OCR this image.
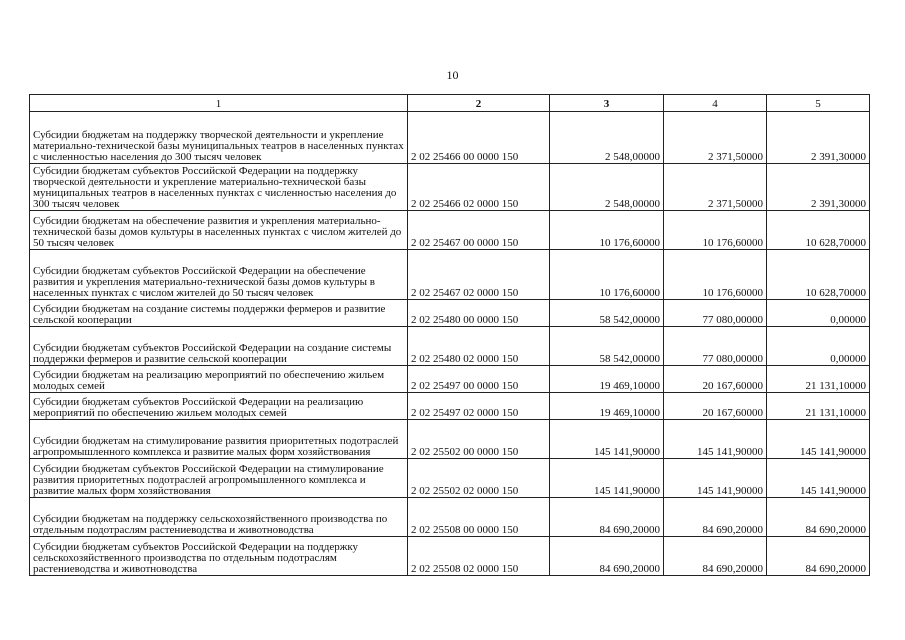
10
1	2	3	4	5
Субсидии бюджетам на поддержку творческой деятельности и укрепление материально-технической базы муниципальных театров в населенных пунктах с численностью населения до 300 тысяч человек	2 02 25466 00 0000 150	2 548,00000	2 371,50000	2 391,30000
Субсидии бюджетам субъектов Российской Федерации на поддержку творческой деятельности и укрепление материально-технической базы муниципальных театров в населенных пунктах с численностью населения до 300 тысяч человек	2 02 25466 02 0000 150	2 548,00000	2 371,50000	2 391,30000
Субсидии бюджетам на обеспечение развития и укрепления материально-технической базы домов культуры в населенных пунктах с числом жителей до 50 тысяч человек	2 02 25467 00 0000 150	10 176,60000	10 176,60000	10 628,70000
Субсидии бюджетам субъектов Российской Федерации на обеспечение развития и укрепления материально-технической базы домов культуры в населенных пунктах с числом жителей до 50 тысяч человек	2 02 25467 02 0000 150	10 176,60000	10 176,60000	10 628,70000
Субсидии бюджетам на создание системы поддержки фермеров и развитие сельской кооперации	2 02 25480 00 0000 150	58 542,00000	77 080,00000	0,00000
Субсидии бюджетам субъектов Российской Федерации на создание системы поддержки фермеров и развитие сельской кооперации	2 02 25480 02 0000 150	58 542,00000	77 080,00000	0,00000
Субсидии бюджетам на реализацию мероприятий по обеспечению жильем молодых семей	2 02 25497 00 0000 150	19 469,10000	20 167,60000	21 131,10000
Субсидии бюджетам субъектов Российской Федерации на реализацию мероприятий по обеспечению жильем молодых семей	2 02 25497 02 0000 150	19 469,10000	20 167,60000	21 131,10000
Субсидии бюджетам на стимулирование развития приоритетных подотраслей агропромышленного комплекса и развитие малых форм хозяйствования	2 02 25502 00 0000 150	145 141,90000	145 141,90000	145 141,90000
Субсидии бюджетам субъектов Российской Федерации на стимулирование развития приоритетных подотраслей агропромышленного комплекса и развитие малых форм хозяйствования	2 02 25502 02 0000 150	145 141,90000	145 141,90000	145 141,90000
Субсидии бюджетам на поддержку сельскохозяйственного производства по отдельным подотраслям растениеводства и животноводства	2 02 25508 00 0000 150	84 690,20000	84 690,20000	84 690,20000
Субсидии бюджетам субъектов Российской Федерации на поддержку сельскохозяйственного производства по отдельным подотраслям растениеводства и животноводства	2 02 25508 02 0000 150	84 690,20000	84 690,20000	84 690,20000
